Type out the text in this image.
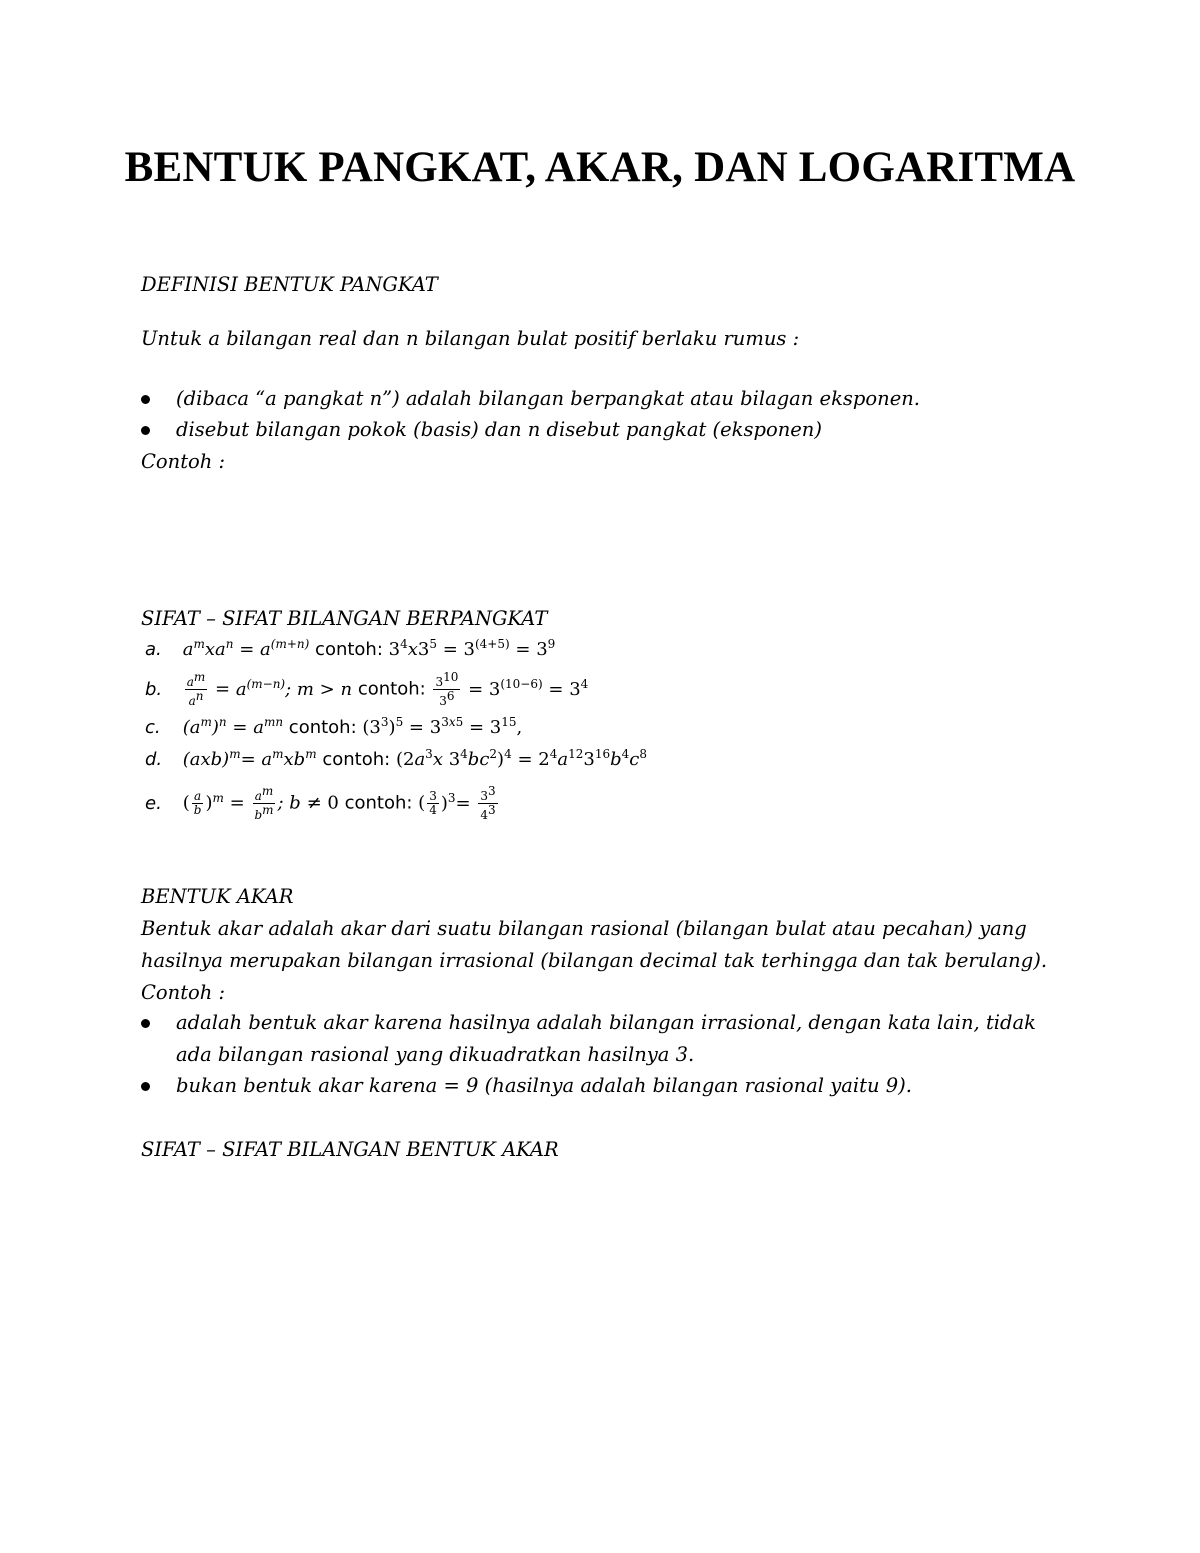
BENTUK PANGKAT, AKAR, DAN LOGARITMA
DEFINISI BENTUK PANGKAT
Untuk a bilangan real dan n bilangan bulat positif berlaku rumus :
(dibaca “a pangkat n”) adalah bilangan berpangkat atau bilagan eksponen.
disebut bilangan pokok (basis) dan n disebut pangkat (eksponen)
Contoh :
SIFAT – SIFAT BILANGAN BERPANGKAT
a. $a^mxa^n = a^{(m+n)}$ contoh: $3^4x3^5 = 3^{(4+5)} = 3^9$
b. $\frac{a^m}{a^n} = a^{(m-n)}$; m > n contoh: $\frac{3^{10}}{3^6} = 3^{(10-6)} = 3^4$
c. $(a^m)^n = a^{mn}$ contoh: $(3^3)^5 = 3^{3x5} = 3^{15}$,
d. $(axb)^m= a^mxb^m$ contoh: ($2a^3x$ $3^4bc^2)^4 = 2^4a^{12}3^{16}b^4c^8$
e. ( $\frac{a}{b} )^m = \frac{a^m}{b^m}$ ; b ≠ 0 contoh: ( $\frac{3}{4} )^3= \frac{3^3}{4^3}$
BENTUK AKAR
Bentuk akar adalah akar dari suatu bilangan rasional (bilangan bulat atau pecahan) yang
hasilnya merupakan bilangan irrasional (bilangan decimal tak terhingga dan tak berulang).
Contoh :
adalah bentuk akar karena hasilnya adalah bilangan irrasional, dengan kata lain, tidak
ada bilangan rasional yang dikuadratkan hasilnya 3.
bukan bentuk akar karena = 9 (hasilnya adalah bilangan rasional yaitu 9).
SIFAT – SIFAT BILANGAN BENTUK AKAR
